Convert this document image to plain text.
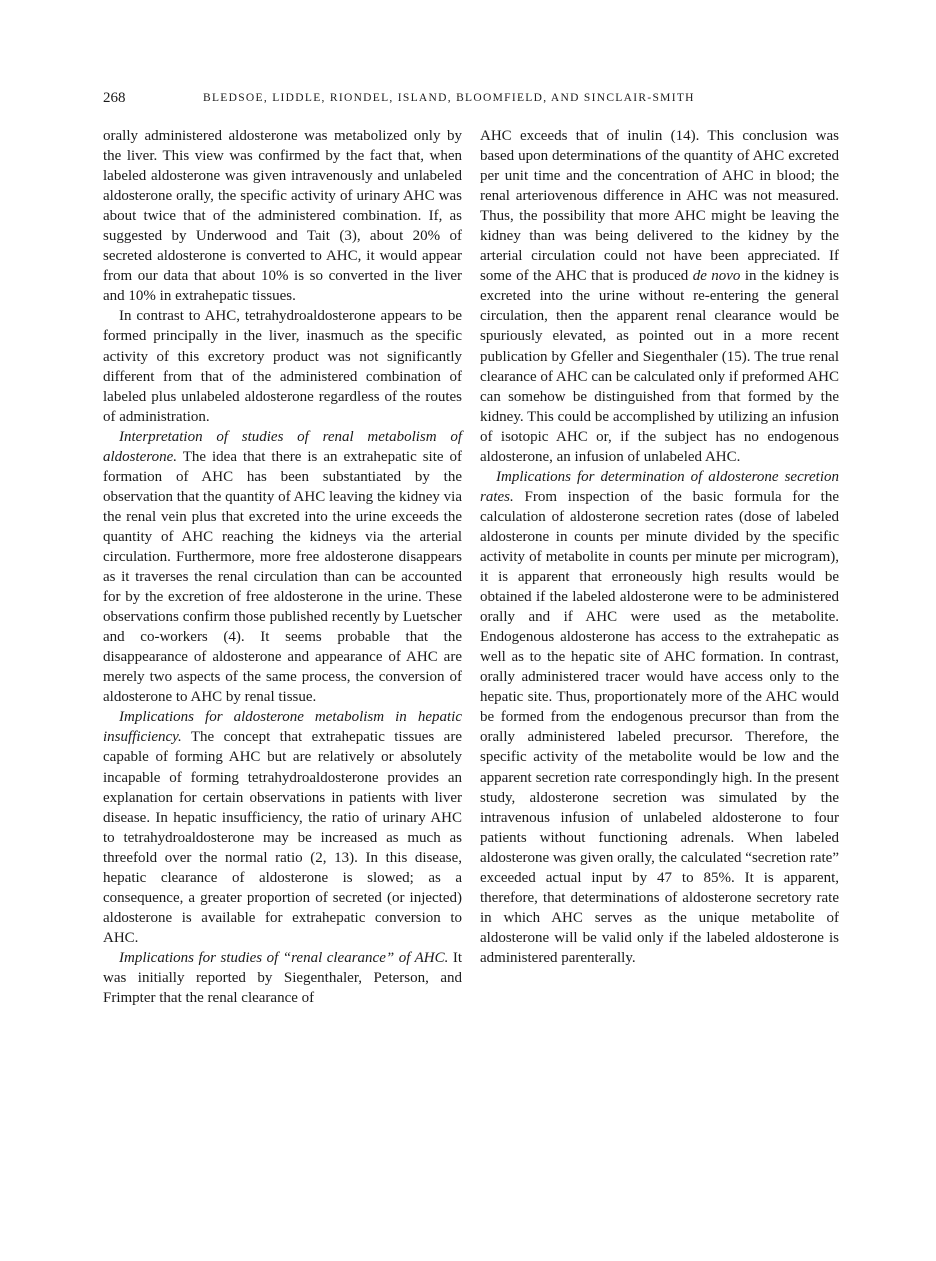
268	BLEDSOE, LIDDLE, RIONDEL, ISLAND, BLOOMFIELD, AND SINCLAIR-SMITH

orally administered aldosterone was metabolized only by the liver. This view was confirmed by the fact that, when labeled aldosterone was given intravenously and unlabeled aldosterone orally, the specific activity of urinary AHC was about twice that of the administered combination. If, as suggested by Underwood and Tait (3), about 20% of secreted aldosterone is converted to AHC, it would appear from our data that about 10% is so converted in the liver and 10% in extrahepatic tissues.

In contrast to AHC, tetrahydroaldosterone appears to be formed principally in the liver, inasmuch as the specific activity of this excretory product was not significantly different from that of the administered combination of labeled plus unlabeled aldosterone regardless of the routes of administration.

Interpretation of studies of renal metabolism of aldosterone. The idea that there is an extrahepatic site of formation of AHC has been substantiated by the observation that the quantity of AHC leaving the kidney via the renal vein plus that excreted into the urine exceeds the quantity of AHC reaching the kidneys via the arterial circulation. Furthermore, more free aldosterone disappears as it traverses the renal circulation than can be accounted for by the excretion of free aldosterone in the urine. These observations confirm those published recently by Luetscher and co-workers (4). It seems probable that the disappearance of aldosterone and appearance of AHC are merely two aspects of the same process, the conversion of aldosterone to AHC by renal tissue.

Implications for aldosterone metabolism in hepatic insufficiency. The concept that extrahepatic tissues are capable of forming AHC but are relatively or absolutely incapable of forming tetrahydroaldosterone provides an explanation for certain observations in patients with liver disease. In hepatic insufficiency, the ratio of urinary AHC to tetrahydroaldosterone may be increased as much as threefold over the normal ratio (2, 13). In this disease, hepatic clearance of aldosterone is slowed; as a consequence, a greater proportion of secreted (or injected) aldosterone is available for extrahepatic conversion to AHC.

Implications for studies of “renal clearance” of AHC. It was initially reported by Siegenthaler, Peterson, and Frimpter that the renal clearance of

AHC exceeds that of inulin (14). This conclusion was based upon determinations of the quantity of AHC excreted per unit time and the concentration of AHC in blood; the renal arteriovenous difference in AHC was not measured. Thus, the possibility that more AHC might be leaving the kidney than was being delivered to the kidney by the arterial circulation could not have been appreciated. If some of the AHC that is produced de novo in the kidney is excreted into the urine without re-entering the general circulation, then the apparent renal clearance would be spuriously elevated, as pointed out in a more recent publication by Gfeller and Siegenthaler (15). The true renal clearance of AHC can be calculated only if preformed AHC can somehow be distinguished from that formed by the kidney. This could be accomplished by utilizing an infusion of isotopic AHC or, if the subject has no endogenous aldosterone, an infusion of unlabeled AHC.

Implications for determination of aldosterone secretion rates. From inspection of the basic formula for the calculation of aldosterone secretion rates (dose of labeled aldosterone in counts per minute divided by the specific activity of metabolite in counts per minute per microgram), it is apparent that erroneously high results would be obtained if the labeled aldosterone were to be administered orally and if AHC were used as the metabolite. Endogenous aldosterone has access to the extrahepatic as well as to the hepatic site of AHC formation. In contrast, orally administered tracer would have access only to the hepatic site. Thus, proportionately more of the AHC would be formed from the endogenous precursor than from the orally administered labeled precursor. Therefore, the specific activity of the metabolite would be low and the apparent secretion rate correspondingly high. In the present study, aldosterone secretion was simulated by the intravenous infusion of unlabeled aldosterone to four patients without functioning adrenals. When labeled aldosterone was given orally, the calculated “secretion rate” exceeded actual input by 47 to 85%. It is apparent, therefore, that determinations of aldosterone secretory rate in which AHC serves as the unique metabolite of aldosterone will be valid only if the labeled aldosterone is administered parenterally.
